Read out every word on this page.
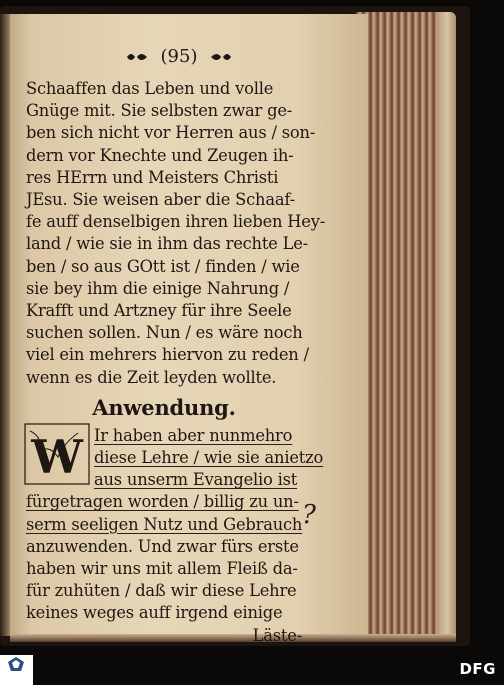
(95)
Schaaffen das Leben und volle
Gnüge mit. Sie selbsten zwar ge-
ben sich nicht vor Herren aus / son-
dern vor Knechte und Zeugen ih-
res HErrn und Meisters Christi
JEsu. Sie weisen aber die Schaaf-
fe auff denselbigen ihren lieben Hey-
land / wie sie in ihm das rechte Le-
ben / so aus GOtt ist / finden / wie
sie bey ihm die einige Nahrung /
Krafft und Artzney für ihre Seele
suchen sollen. Nun / es wäre noch
viel ein mehrers hiervon zu reden /
wenn es die Zeit leyden wollte.
Anwendung.
W Ir haben aber nunmehro
diese Lehre / wie sie anietzo
aus unserm Evangelio ist
fürgetragen worden / billig zu un-
serm seeligen Nutz und Gebrauch
anzuwenden. Und zwar fürs erste
haben wir uns mit allem Fleiß da-
für zuhüten / daß wir diese Lehre
keines weges auff irgend einige
Läste-
?
DFG
